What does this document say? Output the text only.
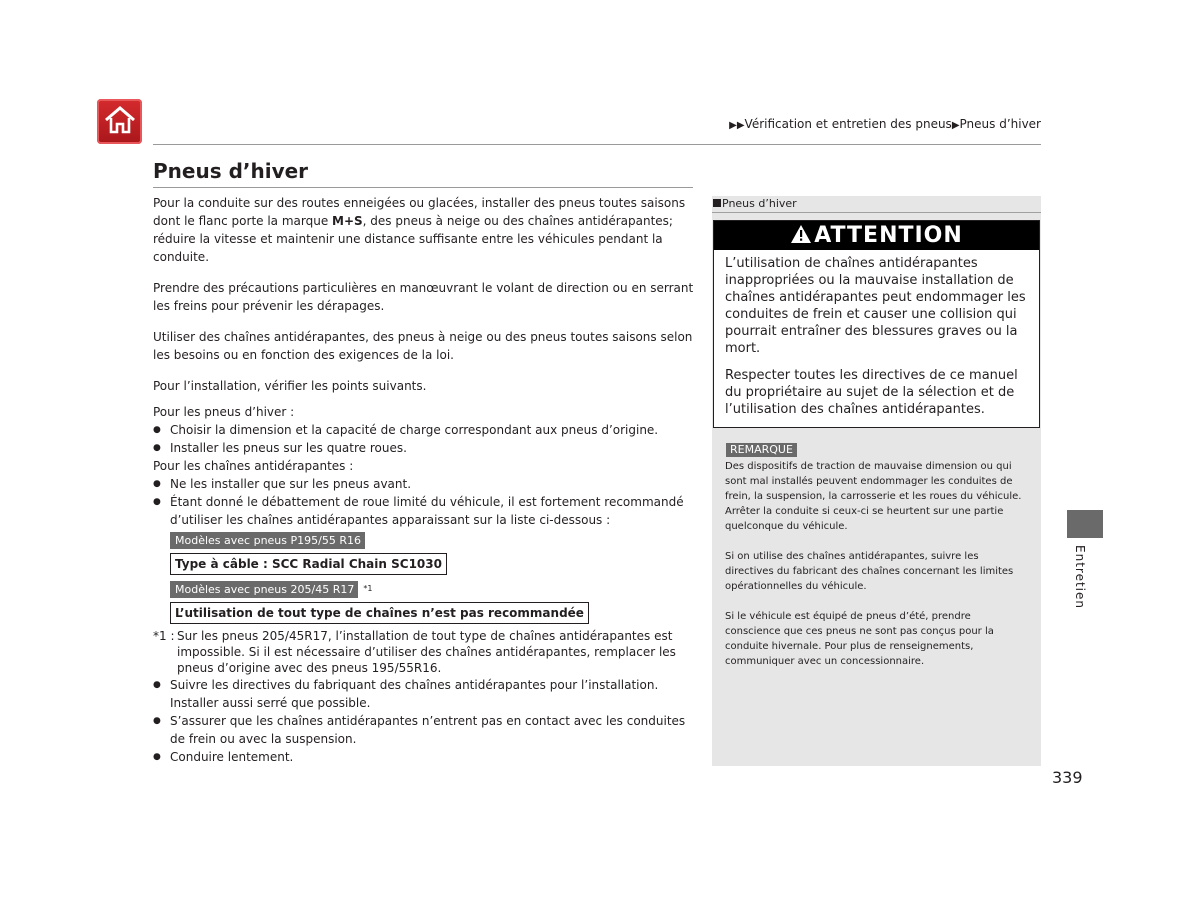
▶▶Vérification et entretien des pneus▶Pneus d’hiver
Pneus d’hiver

Pour la conduite sur des routes enneigées ou glacées, installer des pneus toutes saisons dont le flanc porte la marque M+S, des pneus à neige ou des chaînes antidérapantes; réduire la vitesse et maintenir une distance suffisante entre les véhicules pendant la conduite.

Prendre des précautions particulières en manœuvrant le volant de direction ou en serrant les freins pour prévenir les dérapages.

Utiliser des chaînes antidérapantes, des pneus à neige ou des pneus toutes saisons selon les besoins ou en fonction des exigences de la loi.

Pour l’installation, vérifier les points suivants.

Pour les pneus d’hiver :

● Choisir la dimension et la capacité de charge correspondant aux pneus d’origine.
● Installer les pneus sur les quatre roues.

Pour les chaînes antidérapantes :

● Ne les installer que sur les pneus avant.
● Étant donné le débattement de roue limité du véhicule, il est fortement recommandé d’utiliser les chaînes antidérapantes apparaissant sur la liste ci-dessous :
Modèles avec pneus P195/55 R16
Type à câble : SCC Radial Chain SC1030
Modèles avec pneus 205/45 R17	*1
L’utilisation de tout type de chaînes n’est pas recommandée
*1 : Sur les pneus 205/45R17, l’installation de tout type de chaînes antidérapantes est impossible. Si il est nécessaire d’utiliser des chaînes antidérapantes, remplacer les pneus d’origine avec des pneus 195/55R16.
● Suivre les directives du fabriquant des chaînes antidérapantes pour l’installation. Installer aussi serré que possible.
● S’assurer que les chaînes antidérapantes n’entrent pas en contact avec les conduites de frein ou avec la suspension.
● Conduire lentement.
Pneus d’hiver
ATTENTION

L’utilisation de chaînes antidérapantes inappropriées ou la mauvaise installation de chaînes antidérapantes peut endommager les conduites de frein et causer une collision qui pourrait entraîner des blessures graves ou la mort.

Respecter toutes les directives de ce manuel du propriétaire au sujet de la sélection et de l’utilisation des chaînes antidérapantes.

REMARQUE

Des dispositifs de traction de mauvaise dimension ou qui sont mal installés peuvent endommager les conduites de frein, la suspension, la carrosserie et les roues du véhicule. Arrêter la conduite si ceux-ci se heurtent sur une partie quelconque du véhicule.

Si on utilise des chaînes antidérapantes, suivre les directives du fabricant des chaînes concernant les limites opérationnelles du véhicule.

Si le véhicule est équipé de pneus d’été, prendre conscience que ces pneus ne sont pas conçus pour la conduite hivernale. Pour plus de renseignements, communiquer avec un concessionnaire.

Entretien
339
